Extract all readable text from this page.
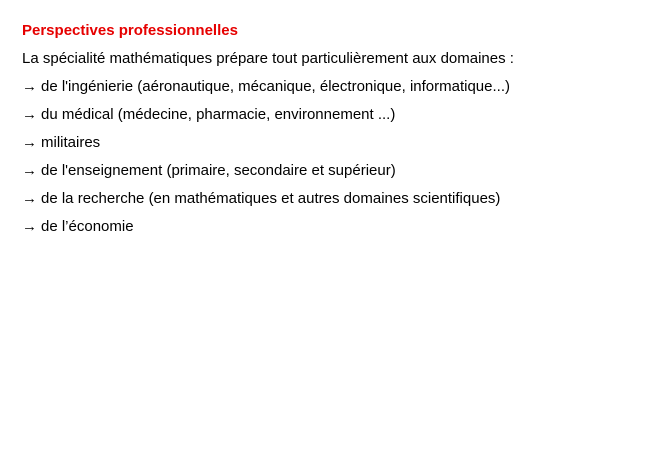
Perspectives professionnelles
La spécialité mathématiques prépare tout particulièrement aux domaines :
→ de l'ingénierie (aéronautique, mécanique, électronique, informatique...)
→ du médical (médecine, pharmacie, environnement ...)
→ militaires
→ de l'enseignement (primaire, secondaire et supérieur)
→ de la recherche (en mathématiques et autres domaines scientifiques)
→ de l’économie
